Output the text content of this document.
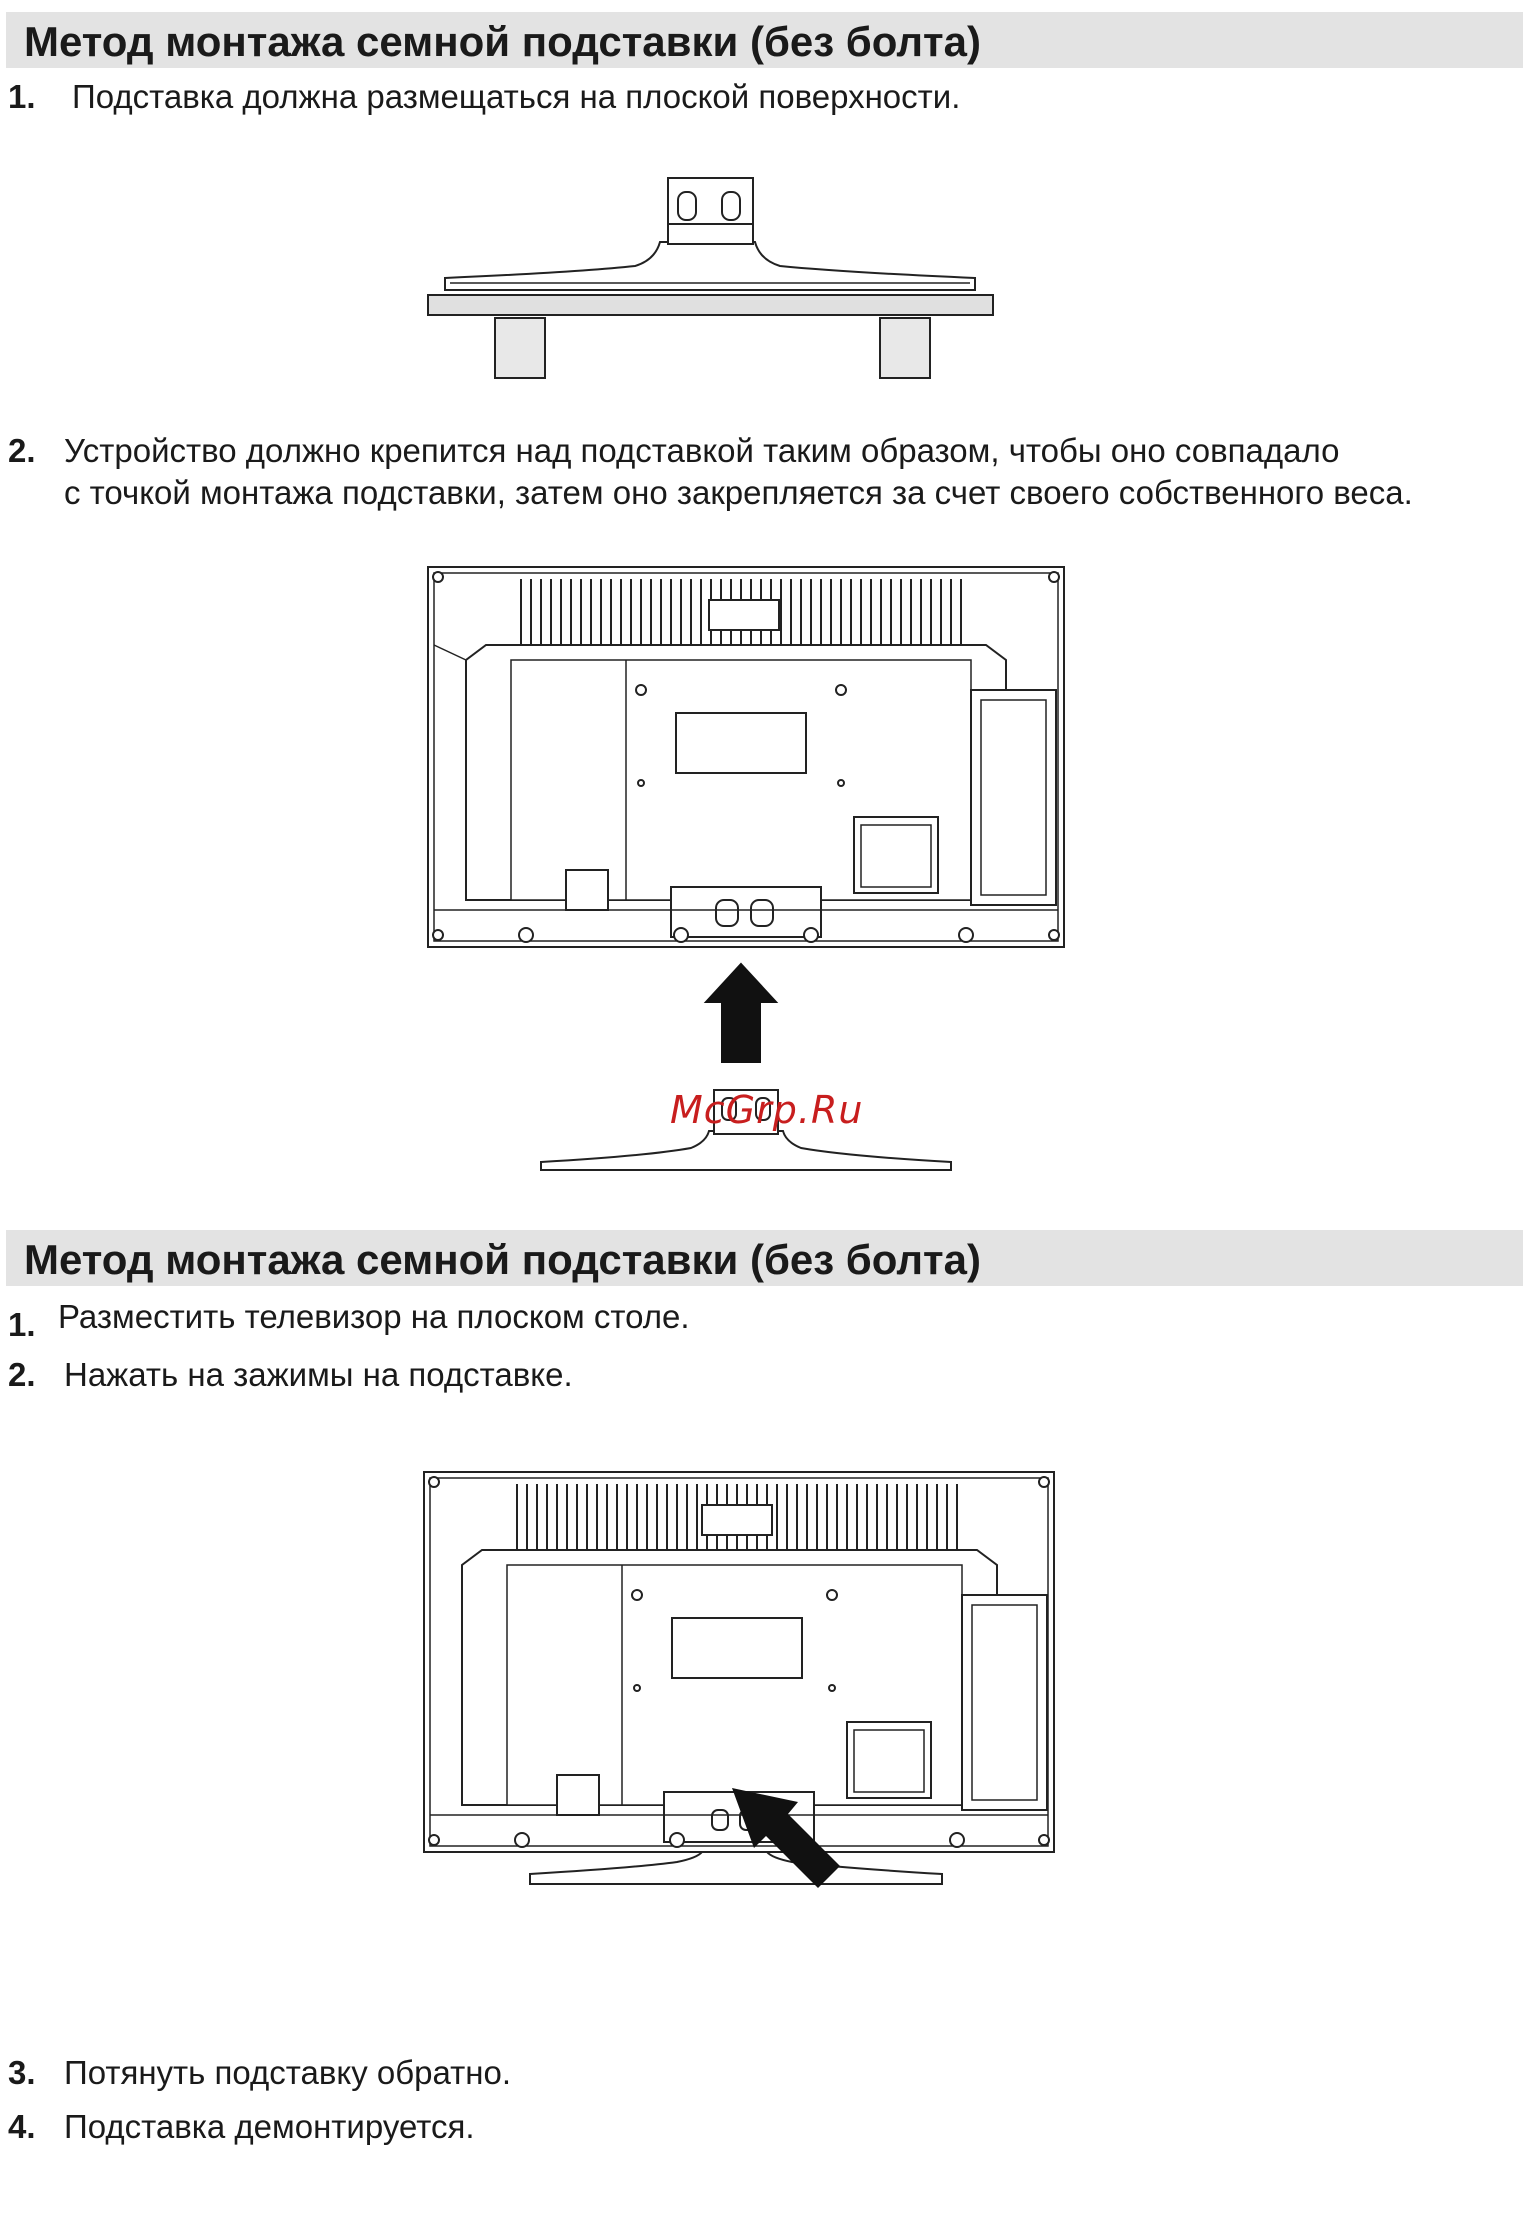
Метод монтажа семной подставки (без болта)
1. Подставка должна размещаться на плоской поверхности.
2. Устройство должно крепится над подставкой таким образом, чтобы оно совпадало
с точкой монтажа подставки, затем оно закрепляется за счет своего собственного веса.
McGrp.Ru
Метод монтажа семной подставки (без болта)
1. Разместить телевизор на плоском столе.
2. Нажать на зажимы на подставке.
3. Потянуть подставку обратно.
4. Подставка демонтируется.
